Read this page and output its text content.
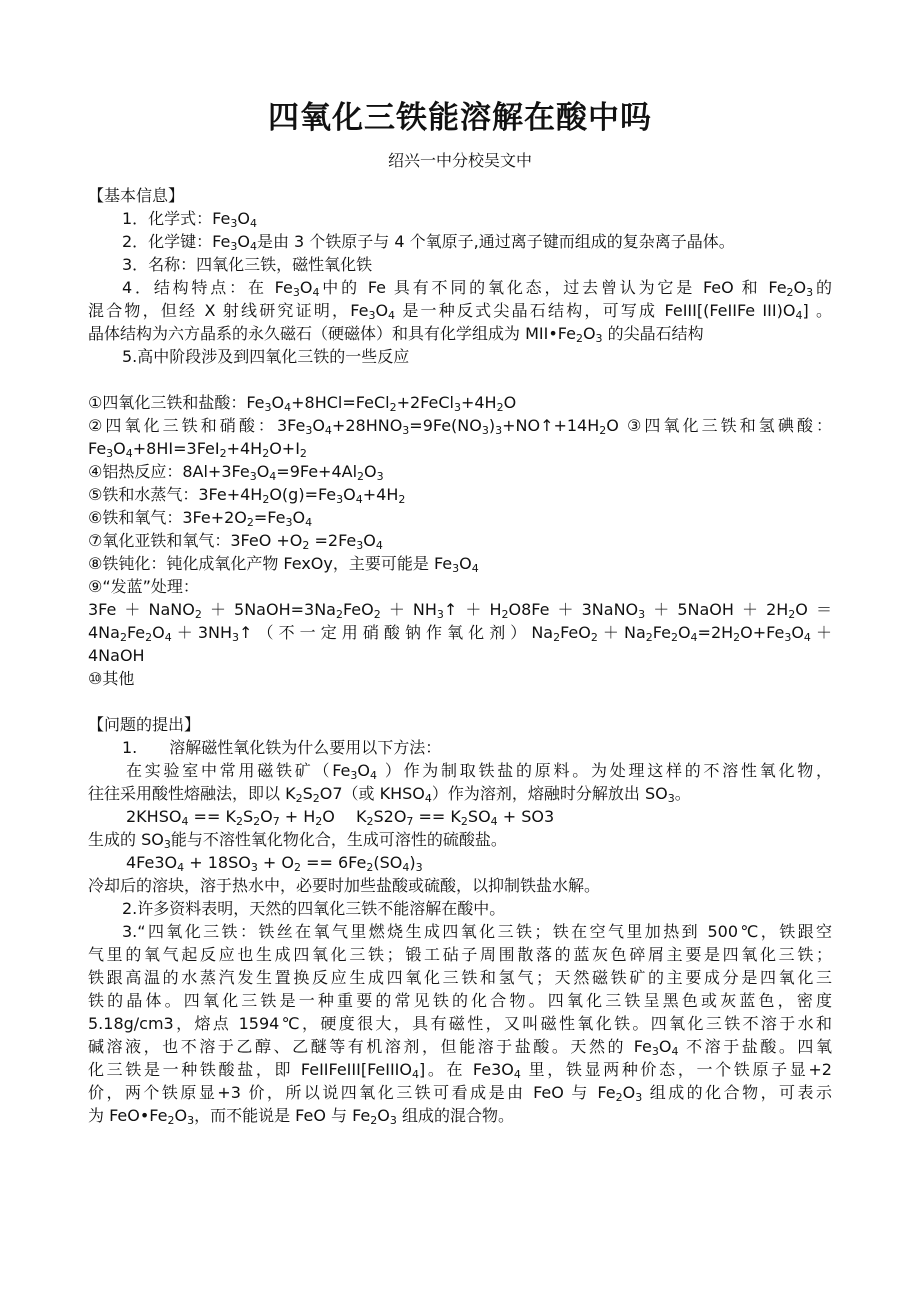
四氧化三铁能溶解在酸中吗
绍兴一中分校吴文中
【基本信息】
1．化学式：$Fe_3O_4$
2．化学键：$Fe_3O_4$是由 3 个铁原子与 4 个氧原子,通过离子键而组成的复杂离子晶体。
3．名称：四氧化三铁，磁性氧化铁
4．结构特点：在 $Fe_3O_4$中的 Fe 具有不同的氧化态，过去曾认为它是 FeO 和 $Fe_2O_3$的
混合物，但经 X 射线研究证明，$Fe_3O_4$ 是一种反式尖晶石结构，可写成 FeIII[(FeIIFe $III)O_4$] 。
晶体结构为六方晶系的永久磁石（硬磁体）和具有化学组成为 $MII•Fe_2O_3$ 的尖晶石结构
5.高中阶段涉及到四氧化三铁的一些反应
①四氧化三铁和盐酸：$Fe_3O_4+8HCl=FeCl_2+2FeCl_3+4H_2O$
②四氧化三铁和硝酸：$3Fe_3O_4+28HNO_3=9Fe(NO_3)_3+NO↑+14H_2O$ ③四氧化三铁和氢碘酸：
$Fe_3O_4+8HI=3FeI_2+4H_2O+I_2$
④铝热反应：$8Al+3Fe_3O_4=9Fe+4Al_2O_3$
⑤铁和水蒸气：$3Fe+4H_2O(g)=Fe_3O_4+4H_2$
⑥铁和氧气：$3Fe+2O_2=Fe_3O_4$
⑦氧化亚铁和氧气：$3FeO +O_2 =2Fe_3O_4$
⑧铁钝化：钝化成氧化产物 FexOy，主要可能是 $Fe_3O_4$
⑨“发蓝”处理：
$3Fe+NaNO_2+5NaOH=3Na_2FeO_2+NH_3↑+H_2O8Fe+3NaNO_3+5NaOH+2H_2O=$
$4Na_2Fe_2O_4+3NH_3↑$（不一定用硝酸钠作氧化剂）$Na_2FeO_2+Na_2Fe_2O_4=2H_2O+Fe_3O_4+$
4NaOH
⑩其他
【问题的提出】
1.　　溶解磁性氧化铁为什么要用以下方法：
在实验室中常用磁铁矿（$Fe_3O_4$ ）作为制取铁盐的原料。为处理这样的不溶性氧化物，
往往采用酸性熔融法，即以 $K_2S_2O7$（或 $KHSO_4$）作为溶剂，熔融时分解放出 $SO_3$。
$2KHSO_4 == K_2S_2O_7 + H_2O$　 $K_2S2O_7 == K_2SO_4 + SO3$
生成的 $SO_3$能与不溶性氧化物化合，生成可溶性的硫酸盐。
$4Fe3O_4 + 18SO_3 + O_2 == 6Fe_2(SO_4)_3$
冷却后的溶块，溶于热水中，必要时加些盐酸或硫酸，以抑制铁盐水解。
2.许多资料表明，天然的四氧化三铁不能溶解在酸中。
3.“四氧化三铁：铁丝在氧气里燃烧生成四氧化三铁；铁在空气里加热到 500℃，铁跟空
气里的氧气起反应也生成四氧化三铁；锻工砧子周围散落的蓝灰色碎屑主要是四氧化三铁；
铁跟高温的水蒸汽发生置换反应生成四氧化三铁和氢气；天然磁铁矿的主要成分是四氧化三
铁的晶体。四氧化三铁是一种重要的常见铁的化合物。四氧化三铁呈黑色或灰蓝色，密度
5.18g/cm3，熔点 1594℃，硬度很大，具有磁性，又叫磁性氧化铁。四氧化三铁不溶于水和
碱溶液，也不溶于乙醇、乙醚等有机溶剂，但能溶于盐酸。天然的 $Fe_3O_4$ 不溶于盐酸。四氧
化三铁是一种铁酸盐，即 FeIIFeIII[FeIIIO$_4$]。在 $Fe3O_4$ 里，铁显两种价态，一个铁原子显+2
价，两个铁原显+3 价，所以说四氧化三铁可看成是由 FeO 与 $Fe_2O_3$ 组成的化合物，可表示
为 $FeO•Fe_2O_3$，而不能说是 FeO 与 $Fe_2O_3$ 组成的混合物。
